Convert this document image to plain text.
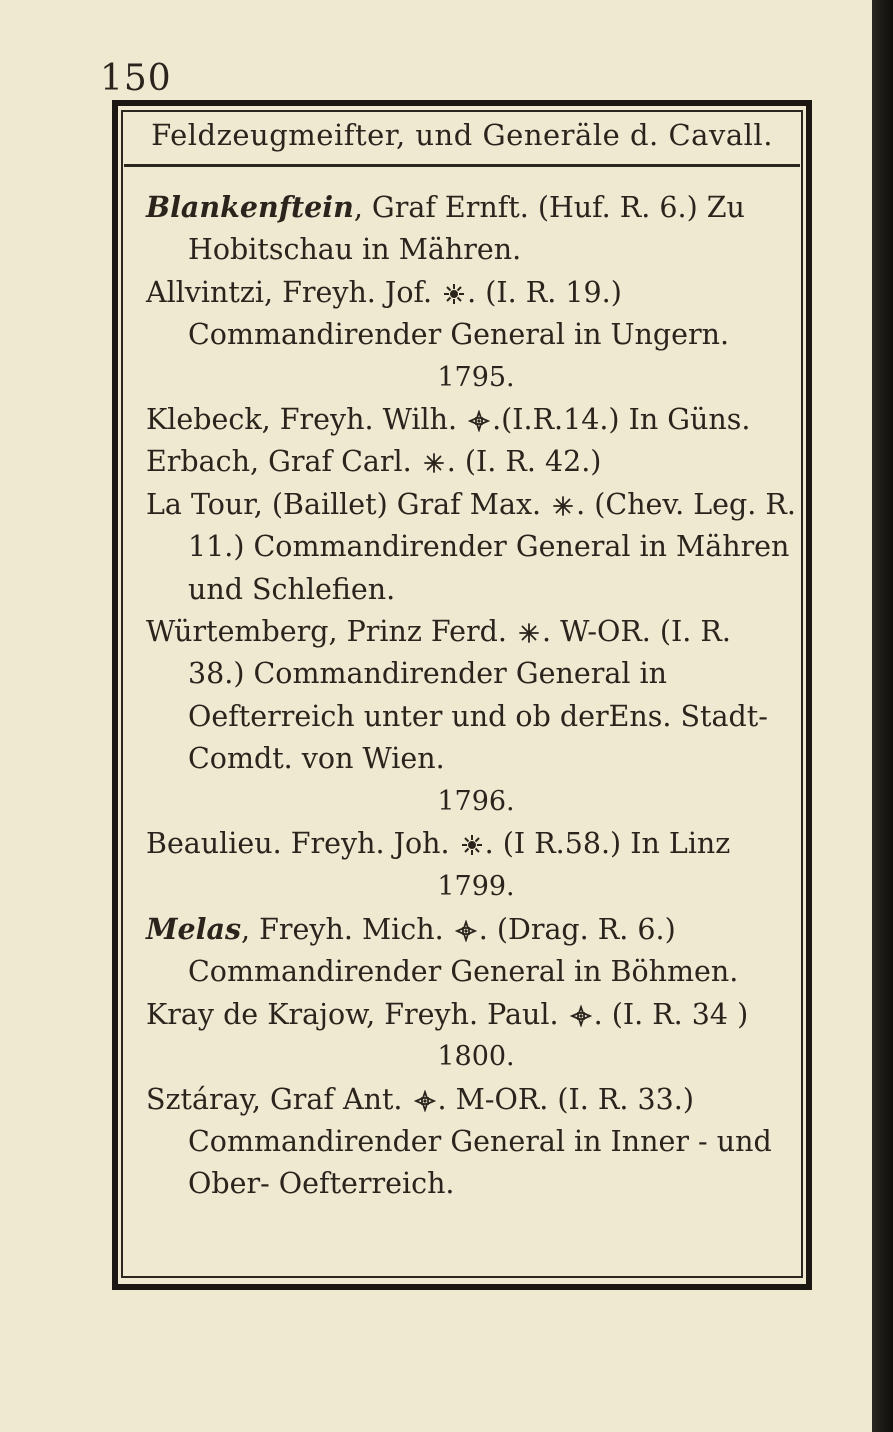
150
Feldzeugmeifter, und Generäle d. Cavall.
Blankenftein, Graf Ernft. (Huf. R. 6.) Zu Hobitschau in Mähren.
Allvintzi, Freyh. Jof. . (I. R. 19.) Commandirender General in Ungern.
1795.
Klebeck, Freyh. Wilh. .(I.R.14.) In Güns.
Erbach, Graf Carl. . (I. R. 42.)
La Tour, (Baillet) Graf Max. . (Chev. Leg. R. 11.) Commandirender General in Mähren und Schlefien.
Würtemberg, Prinz Ferd. . W-OR. (I. R. 38.) Commandirender General in Oefterreich unter und ob derEns. Stadt-Comdt. von Wien.
1796.
Beaulieu. Freyh. Joh. . (I R.58.) In Linz
1799.
Melas, Freyh. Mich. . (Drag. R. 6.) Commandirender General in Böhmen.
Kray de Krajow, Freyh. Paul. . (I. R. 34 )
1800.
Sztáray, Graf Ant. . M-OR. (I. R. 33.) Commandirender General in Inner - und Ober- Oefterreich.
